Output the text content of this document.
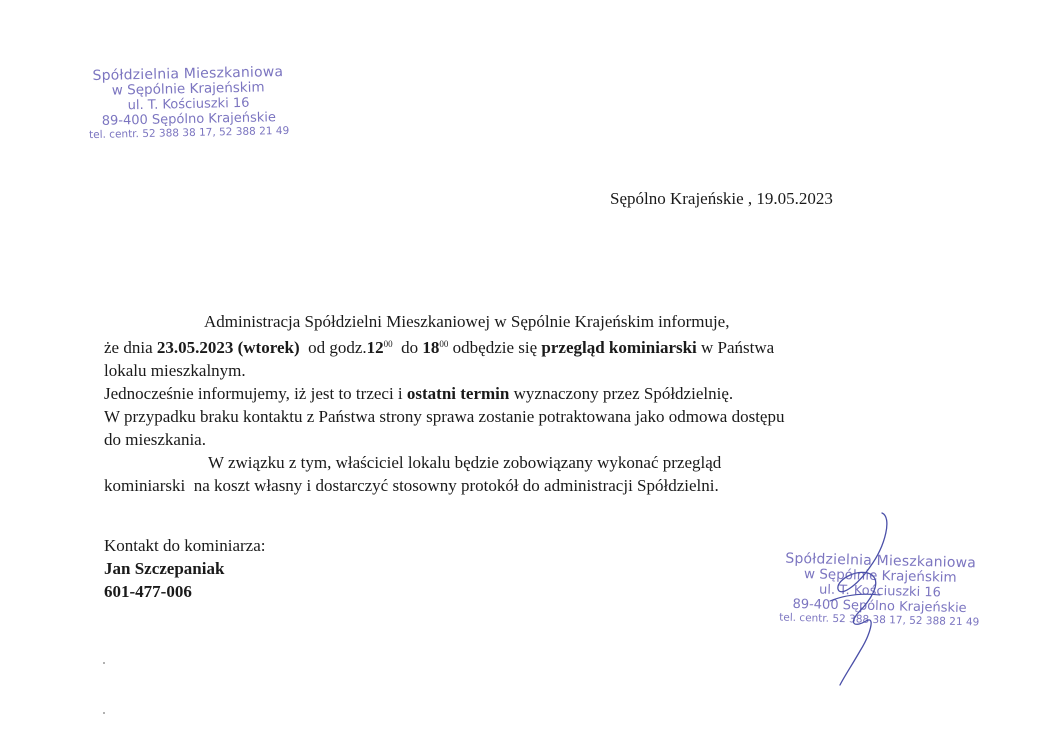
Spółdzielnia Mieszkaniowa
w Sępólnie Krajeńskim
ul. T. Kościuszki 16
89-400 Sępólno Krajeńskie
tel. centr. 52 388 38 17, 52 388 21 49
Sępólno Krajeńskie , 19.05.2023

Administracja Spółdzielni Mieszkaniowej w Sępólnie Krajeńskim informuje,

że dnia 23.05.2023 (wtorek)  od $godz.12^{00}$  do $18^{00}$ odbędzie się przegląd kominiarski w Państwa

lokalu mieszkalnym.

Jednocześnie informujemy, iż jest to trzeci i ostatni termin wyznaczony przez Spółdzielnię.

W przypadku braku kontaktu z Państwa strony sprawa zostanie potraktowana jako odmowa dostępu

do mieszkania.

W związku z tym, właściciel lokalu będzie zobowiązany wykonać przegląd

kominiarski  na koszt własny i dostarczyć stosowny protokół do administracji Spółdzielni.

Kontakt do kominiarza:
Jan Szczepaniak
601-477-006
Spółdzielnia Mieszkaniowa
w Sępólnie Krajeńskim
ul. T. Kościuszki 16
89-400 Sępólno Krajeńskie
tel. centr. 52 388 38 17, 52 388 21 49
